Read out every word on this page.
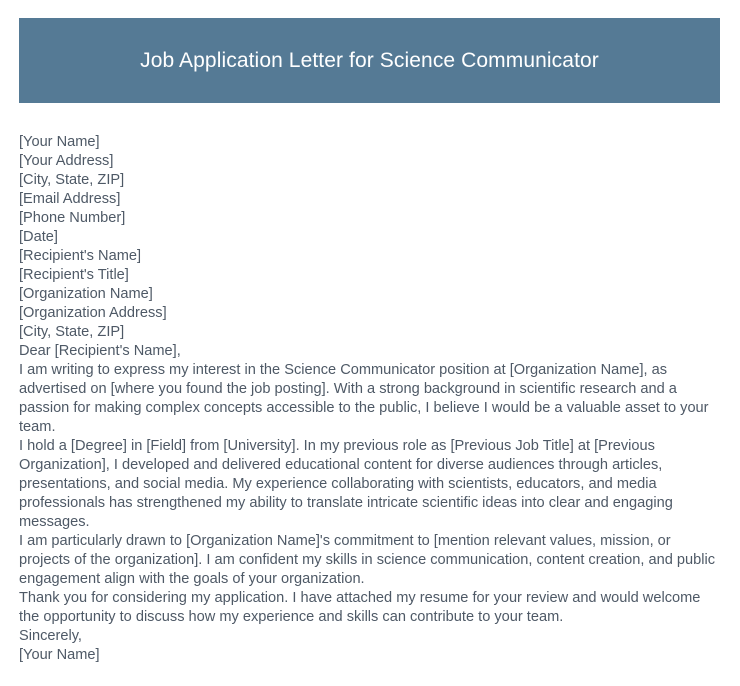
Job Application Letter for Science Communicator
[Your Name]
[Your Address]
[City, State, ZIP]
[Email Address]
[Phone Number]
[Date]
[Recipient's Name]
[Recipient's Title]
[Organization Name]
[Organization Address]
[City, State, ZIP]
Dear [Recipient's Name],

I am writing to express my interest in the Science Communicator position at [Organization Name], as advertised on [where you found the job posting]. With a strong background in scientific research and a passion for making complex concepts accessible to the public, I believe I would be a valuable asset to your team.

I hold a [Degree] in [Field] from [University]. In my previous role as [Previous Job Title] at [Previous Organization], I developed and delivered educational content for diverse audiences through articles, presentations, and social media. My experience collaborating with scientists, educators, and media professionals has strengthened my ability to translate intricate scientific ideas into clear and engaging messages.

I am particularly drawn to [Organization Name]'s commitment to [mention relevant values, mission, or projects of the organization]. I am confident my skills in science communication, content creation, and public engagement align with the goals of your organization.

Thank you for considering my application. I have attached my resume for your review and would welcome the opportunity to discuss how my experience and skills can contribute to your team.

Sincerely,
[Your Name]
